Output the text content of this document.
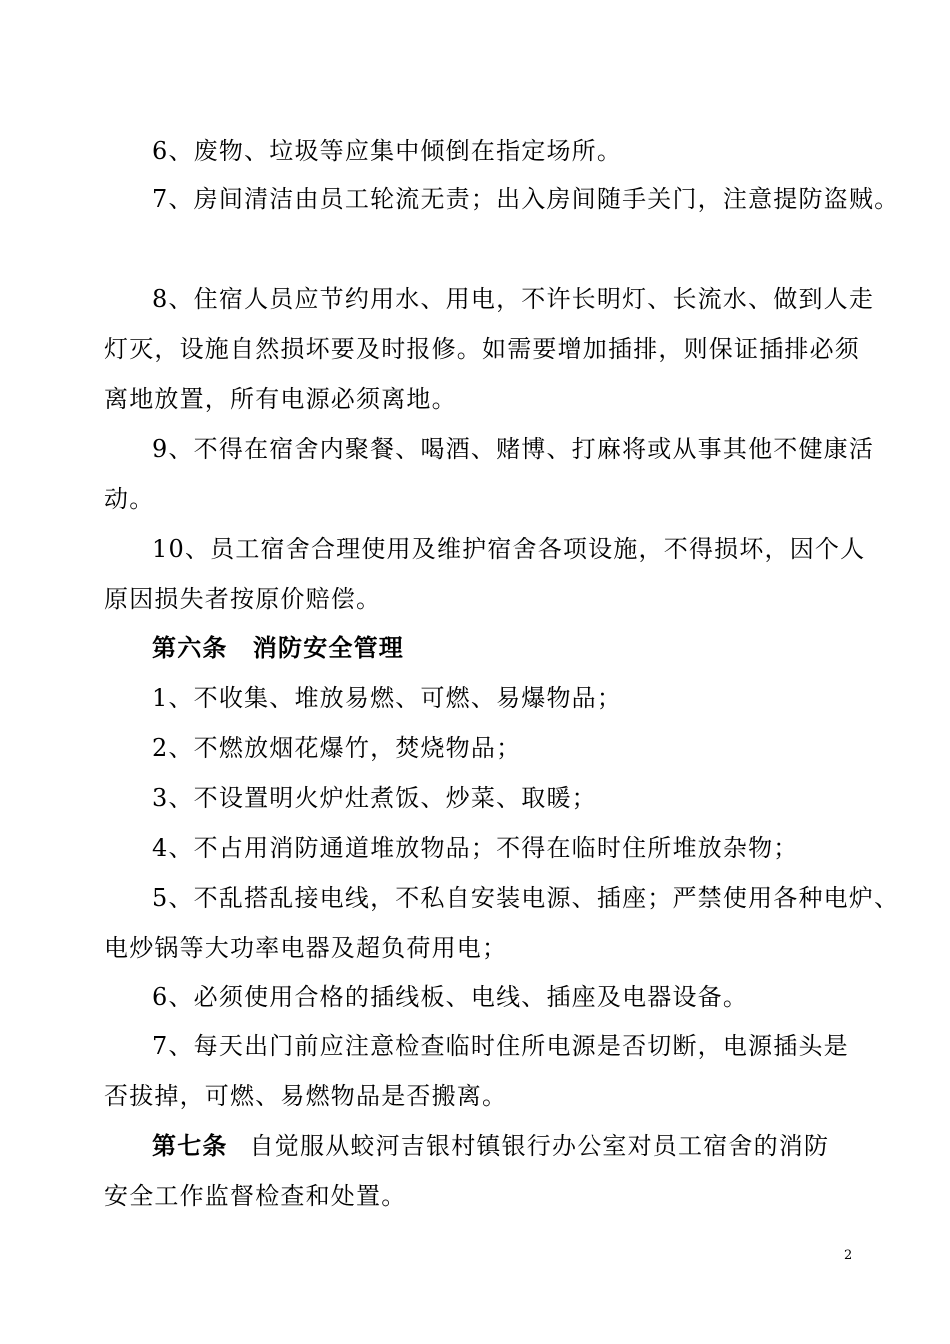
6、废物、垃圾等应集中倾倒在指定场所。
7、房间清洁由员工轮流无责；出入房间随手关门，注意提防盗贼。
8、住宿人员应节约用水、用电，不许长明灯、长流水、做到人走
灯灭，设施自然损坏要及时报修。如需要增加插排，则保证插排必须
离地放置，所有电源必须离地。
9、不得在宿舍内聚餐、喝酒、赌博、打麻将或从事其他不健康活
动。
10、员工宿舍合理使用及维护宿舍各项设施，不得损坏，因个人
原因损失者按原价赔偿。
第六条　消防安全管理
1、不收集、堆放易燃、可燃、易爆物品；
2、不燃放烟花爆竹，焚烧物品；
3、不设置明火炉灶煮饭、炒菜、取暖；
4、不占用消防通道堆放物品；不得在临时住所堆放杂物；
5、不乱搭乱接电线，不私自安装电源、插座；严禁使用各种电炉、
电炒锅等大功率电器及超负荷用电；
6、必须使用合格的插线板、电线、插座及电器设备。
7、每天出门前应注意检查临时住所电源是否切断，电源插头是
否拔掉，可燃、易燃物品是否搬离。
第七条 自觉服从蛟河吉银村镇银行办公室对员工宿舍的消防
安全工作监督检查和处置。
2
